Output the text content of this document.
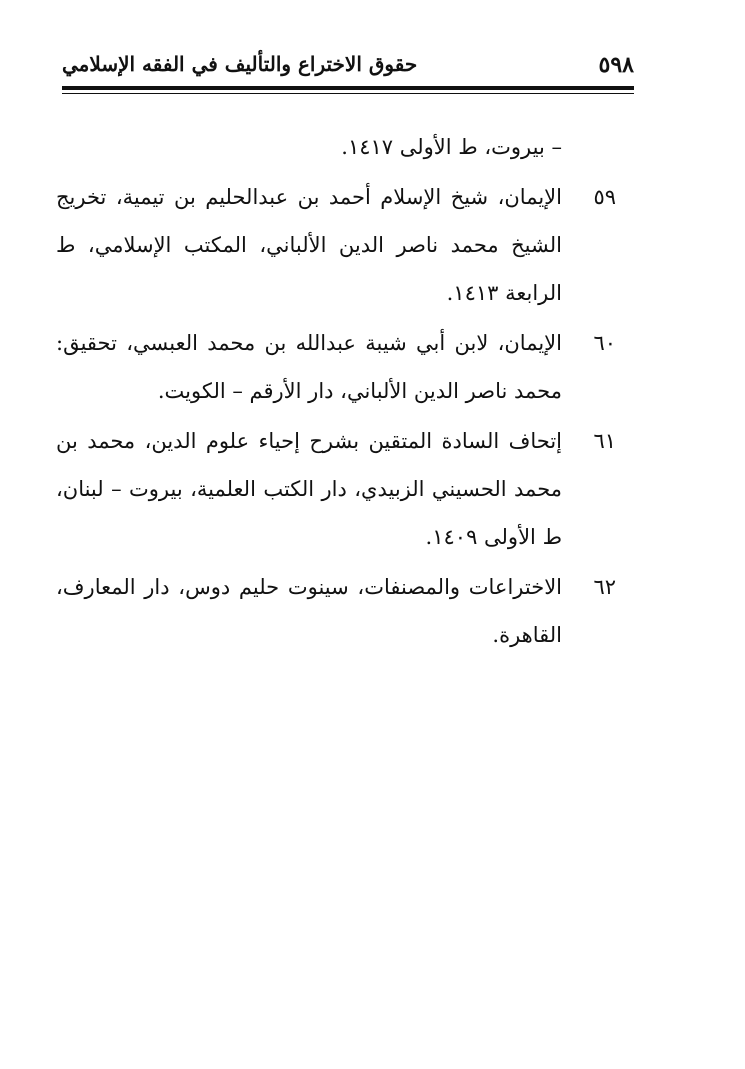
٥٩٨
حقوق الاختراع والتأليف في الفقه الإسلامي
– بيروت، ط الأولى ١٤١٧.
٥٩
الإيمان، شيخ الإسلام أحمد بن عبدالحليم بن تيمية، تخريج الشيخ محمد ناصر الدين الألباني، المكتب الإسلامي، ط الرابعة ١٤١٣.
٦٠
الإيمان، لابن أبي شيبة عبدالله بن محمد العبسي، تحقيق: محمد ناصر الدين الألباني، دار الأرقم – الكويت.
٦١
إتحاف السادة المتقين بشرح إحياء علوم الدين، محمد بن محمد الحسيني الزبيدي، دار الكتب العلمية، بيروت – لبنان، ط الأولى ١٤٠٩.
٦٢
الاختراعات والمصنفات، سينوت حليم دوس، دار المعارف، القاهرة.
